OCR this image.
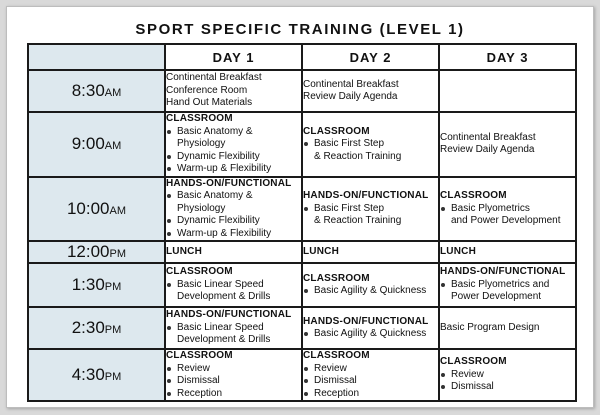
SPORT SPECIFIC TRAINING (LEVEL 1)
	DAY 1	DAY 2	DAY 3
8:30AM	Continental Breakfast
Conference Room
Hand Out Materials	Continental Breakfast
Review Daily Agenda	

9:00AM	CLASSROOM
Basic Anatomy & Physiology
Dynamic Flexibility
Warm-up & Flexibility	CLASSROOM
Basic First Step
& Reaction Training	Continental Breakfast
Review Daily Agenda

10:00AM	HANDS-ON/FUNCTIONAL
Basic Anatomy & Physiology
Dynamic Flexibility
Warm-up & Flexibility	HANDS-ON/FUNCTIONAL
Basic First Step
& Reaction Training	CLASSROOM
Basic Plyometrics
and Power Development

12:00PM	LUNCH	LUNCH	LUNCH

1:30PM	CLASSROOM
Basic Linear Speed
Development & Drills	CLASSROOM
Basic Agility & Quickness	HANDS-ON/FUNCTIONAL
Basic Plyometrics and
Power Development

2:30PM	HANDS-ON/FUNCTIONAL
Basic Linear Speed
Development & Drills	HANDS-ON/FUNCTIONAL
Basic Agility & Quickness	Basic Program Design

4:30PM	CLASSROOM
Review
Dismissal
Reception	CLASSROOM
Review
Dismissal
Reception	CLASSROOM
Review
Dismissal
